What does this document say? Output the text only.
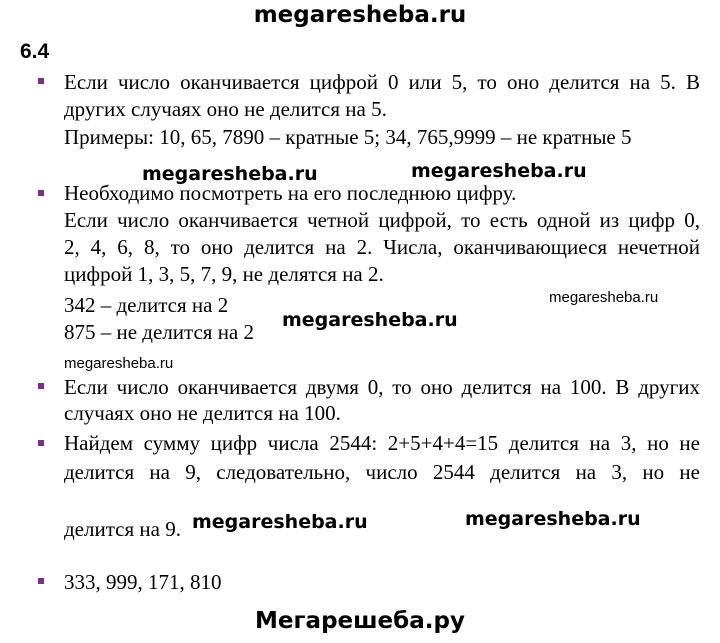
megaresheba.ru
6.4
Если число оканчивается цифрой 0 или 5, то оно делится на 5. В
других случаях оно не делится на 5.
Примеры: 10, 65, 7890 – кратные 5; 34, 765,9999 – не кратные 5
megaresheba.ru	megaresheba.ru
Необходимо посмотреть на его последнюю цифру.
Если число оканчивается четной цифрой, то есть одной из цифр 0,
2, 4, 6, 8, то оно делится на 2. Числа, оканчивающиеся нечетной
цифрой 1, 3, 5, 7, 9, не делятся на 2.
342 – делится на 2
875 – не делится на 2
megaresheba.ru
megaresheba.ru
megaresheba.ru
Если число оканчивается двумя 0, то оно делится на 100. В других
случаях оно не делится на 100.
Найдем сумму цифр числа 2544: 2+5+4+4=15 делится на 3, но не
делится на 9, следовательно, число 2544 делится на 3, но не
делится на 9. megaresheba.ru	megaresheba.ru
333, 999, 171, 810
Мегарешеба.ру
